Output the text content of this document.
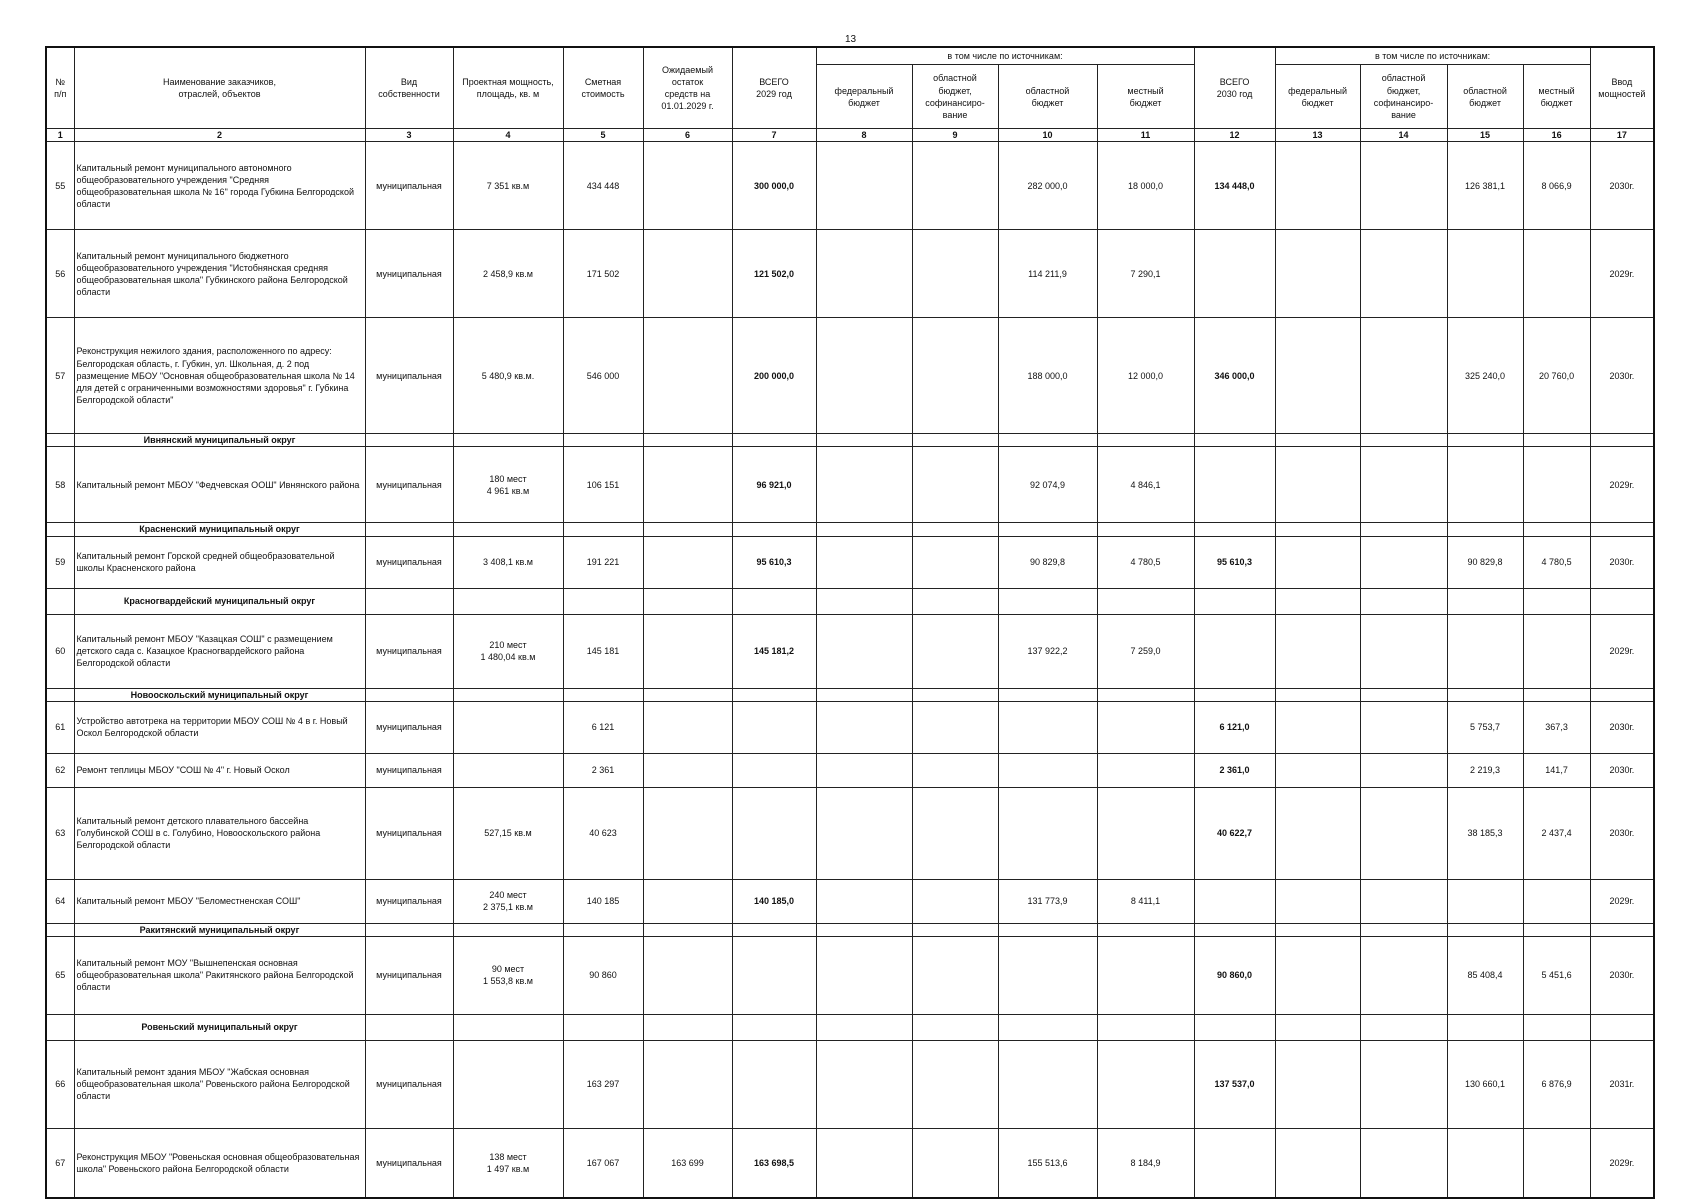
13
№
п/п	Наименование заказчиков,
отраслей, объектов	Вид
собственности	Проектная мощность,
площадь, кв. м	Сметная
стоимость	Ожидаемый
остаток
средств на
01.01.2029 г.	ВСЕГО
2029 год	в том числе по источникам:				ВСЕГО
2030 год	в том числе по источникам:				Ввод
мощностей
							федеральный
бюджет	областной
бюджет,
софинансиро-
вание	областной
бюджет	местный
бюджет		федеральный
бюджет	областной
бюджет,
софинансиро-
вание	областной
бюджет	местный
бюджет	
1	2	3	4	5	6	7	8	9	10	11	12	13	14	15	16	17
55	Капитальный ремонт муниципального автономного общеобразовательного учреждения "Средняя общеобразовательная школа № 16" города Губкина Белгородской области	муниципальная	7 351 кв.м	434 448		300 000,0			282 000,0	18 000,0	134 448,0			126 381,1	8 066,9	2030г.
56	Капитальный ремонт муниципального бюджетного общеобразовательного учреждения "Истобнянская средняя общеобразовательная школа" Губкинского района Белгородской области	муниципальная	2 458,9 кв.м	171 502		121 502,0			114 211,9	7 290,1						2029г.
57	Реконструкция нежилого здания, расположенного по адресу: Белгородская область, г. Губкин, ул. Школьная, д. 2 под размещение МБОУ "Основная общеобразовательная школа № 14 для детей с ограниченными возможностями здоровья" г. Губкина Белгородской области"	муниципальная	5 480,9 кв.м.	546 000		200 000,0			188 000,0	12 000,0	346 000,0			325 240,0	20 760,0	2030г.
	Ивнянский муниципальный округ															
58	Капитальный ремонт МБОУ "Федчевская ООШ" Ивнянского района	муниципальная	180 мест
4 961 кв.м	106 151		96 921,0			92 074,9	4 846,1						2029г.
	Красненский муниципальный округ															
59	Капитальный ремонт Горской средней общеобразовательной школы Красненского района	муниципальная	3 408,1 кв.м	191 221		95 610,3			90 829,8	4 780,5	95 610,3			90 829,8	4 780,5	2030г.
	Красногвардейский муниципальный округ															
60	Капитальный ремонт МБОУ "Казацкая СОШ" с размещением детского сада с. Казацкое Красногвардейского района Белгородской области	муниципальная	210 мест
1 480,04 кв.м	145 181		145 181,2			137 922,2	7 259,0						2029г.
	Новооскольский муниципальный округ															
61	Устройство автотрека на территории МБОУ СОШ № 4 в г. Новый Оскол Белгородской области	муниципальная		6 121							6 121,0			5 753,7	367,3	2030г.
62	Ремонт теплицы МБОУ "СОШ № 4" г. Новый Оскол	муниципальная		2 361							2 361,0			2 219,3	141,7	2030г.
63	Капитальный ремонт детского плавательного бассейна Голубинской СОШ в с. Голубино, Новооскольского района Белгородской области	муниципальная	527,15 кв.м	40 623							40 622,7			38 185,3	2 437,4	2030г.
64	Капитальный ремонт МБОУ "Беломестненская СОШ"	муниципальная	240 мест
2 375,1 кв.м	140 185		140 185,0			131 773,9	8 411,1						2029г.
	Ракитянский муниципальный округ															
65	Капитальный ремонт МОУ "Вышнепенская основная общеобразовательная школа" Ракитянского района Белгородской области	муниципальная	90 мест
1 553,8 кв.м	90 860							90 860,0			85 408,4	5 451,6	2030г.
	Ровеньский муниципальный округ															
66	Капитальный ремонт здания МБОУ "Жабская основная общеобразовательная школа" Ровеньского района Белгородской области	муниципальная		163 297							137 537,0			130 660,1	6 876,9	2031г.
67	Реконструкция МБОУ "Ровеньская основная общеобразовательная школа" Ровеньского района Белгородской области	муниципальная	138 мест
1 497 кв.м	167 067	163 699	163 698,5			155 513,6	8 184,9						2029г.
